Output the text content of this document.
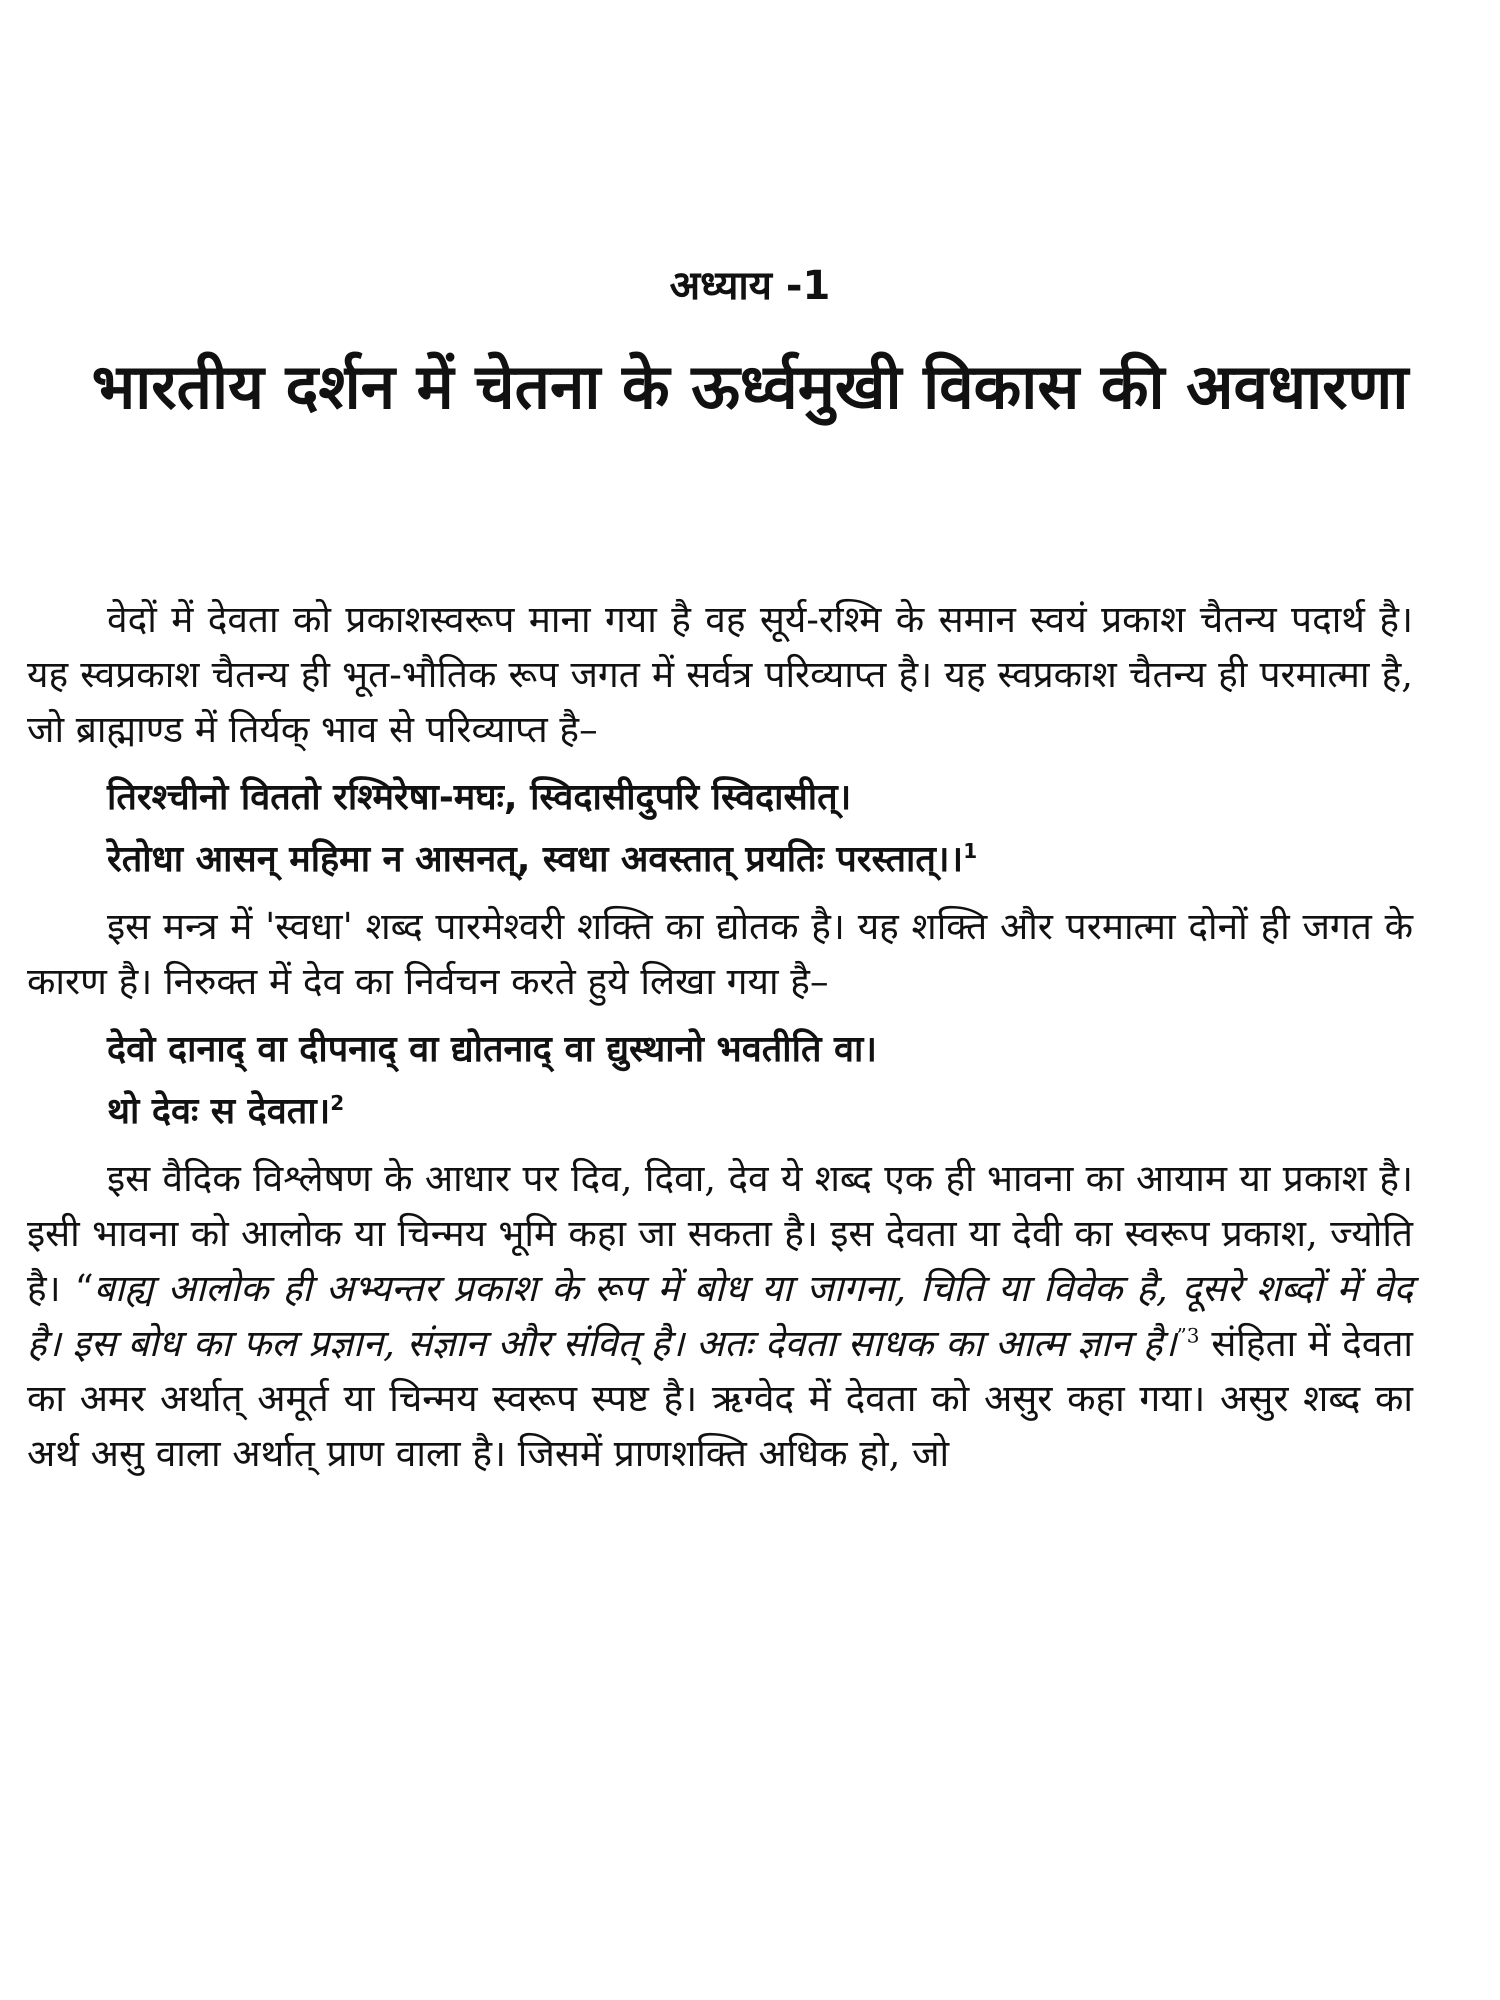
अध्याय -1
भारतीय दर्शन में चेतना के ऊर्ध्वमुखी विकास की अवधारणा

वेदों में देवता को प्रकाशस्वरूप माना गया है वह सूर्य-रश्मि के समान स्वयं प्रकाश चैतन्य पदार्थ है। यह स्वप्रकाश चैतन्य ही भूत-भौतिक रूप जगत में सर्वत्र परिव्याप्त है। यह स्वप्रकाश चैतन्य ही परमात्मा है, जो ब्राह्माण्ड में तिर्यक् भाव से परिव्याप्त है–

तिरश्चीनो विततो रश्मिरेषा-मघः, स्विदासीदुपरि स्विदासीत्।
रेतोधा आसन् महिमा न आसनत्, स्वधा अवस्तात् प्रयतिः परस्तात्।।$^1$

इस मन्त्र में 'स्वधा' शब्द पारमेश्वरी शक्ति का द्योतक है। यह शक्ति और परमात्मा दोनों ही जगत के कारण है। निरुक्त में देव का निर्वचन करते हुये लिखा गया है–

देवो दानाद् वा दीपनाद् वा द्योतनाद् वा द्युस्थानो भवतीति वा।
थो देवः स देवता।$^2$

इस वैदिक विश्लेषण के आधार पर दिव, दिवा, देव ये शब्द एक ही भावना का आयाम या प्रकाश है। इसी भावना को आलोक या चिन्मय भूमि कहा जा सकता है। इस देवता या देवी का स्वरूप प्रकाश, ज्योति है। “बाह्य आलोक ही अभ्यन्तर प्रकाश के रूप में बोध या जागना, चिति या विवेक है, दूसरे शब्दों में वेद है। इस बोध का फल प्रज्ञान, संज्ञान और संवित् है। अतः देवता साधक का आत्म ज्ञान है।$^{”3}$ संहिता में देवता का अमर अर्थात् अमूर्त या चिन्मय स्वरूप स्पष्ट है। ऋग्वेद में देवता को असुर कहा गया। असुर शब्द का अर्थ असु वाला अर्थात् प्राण वाला है। जिसमें प्राणशक्ति अधिक हो, जो
